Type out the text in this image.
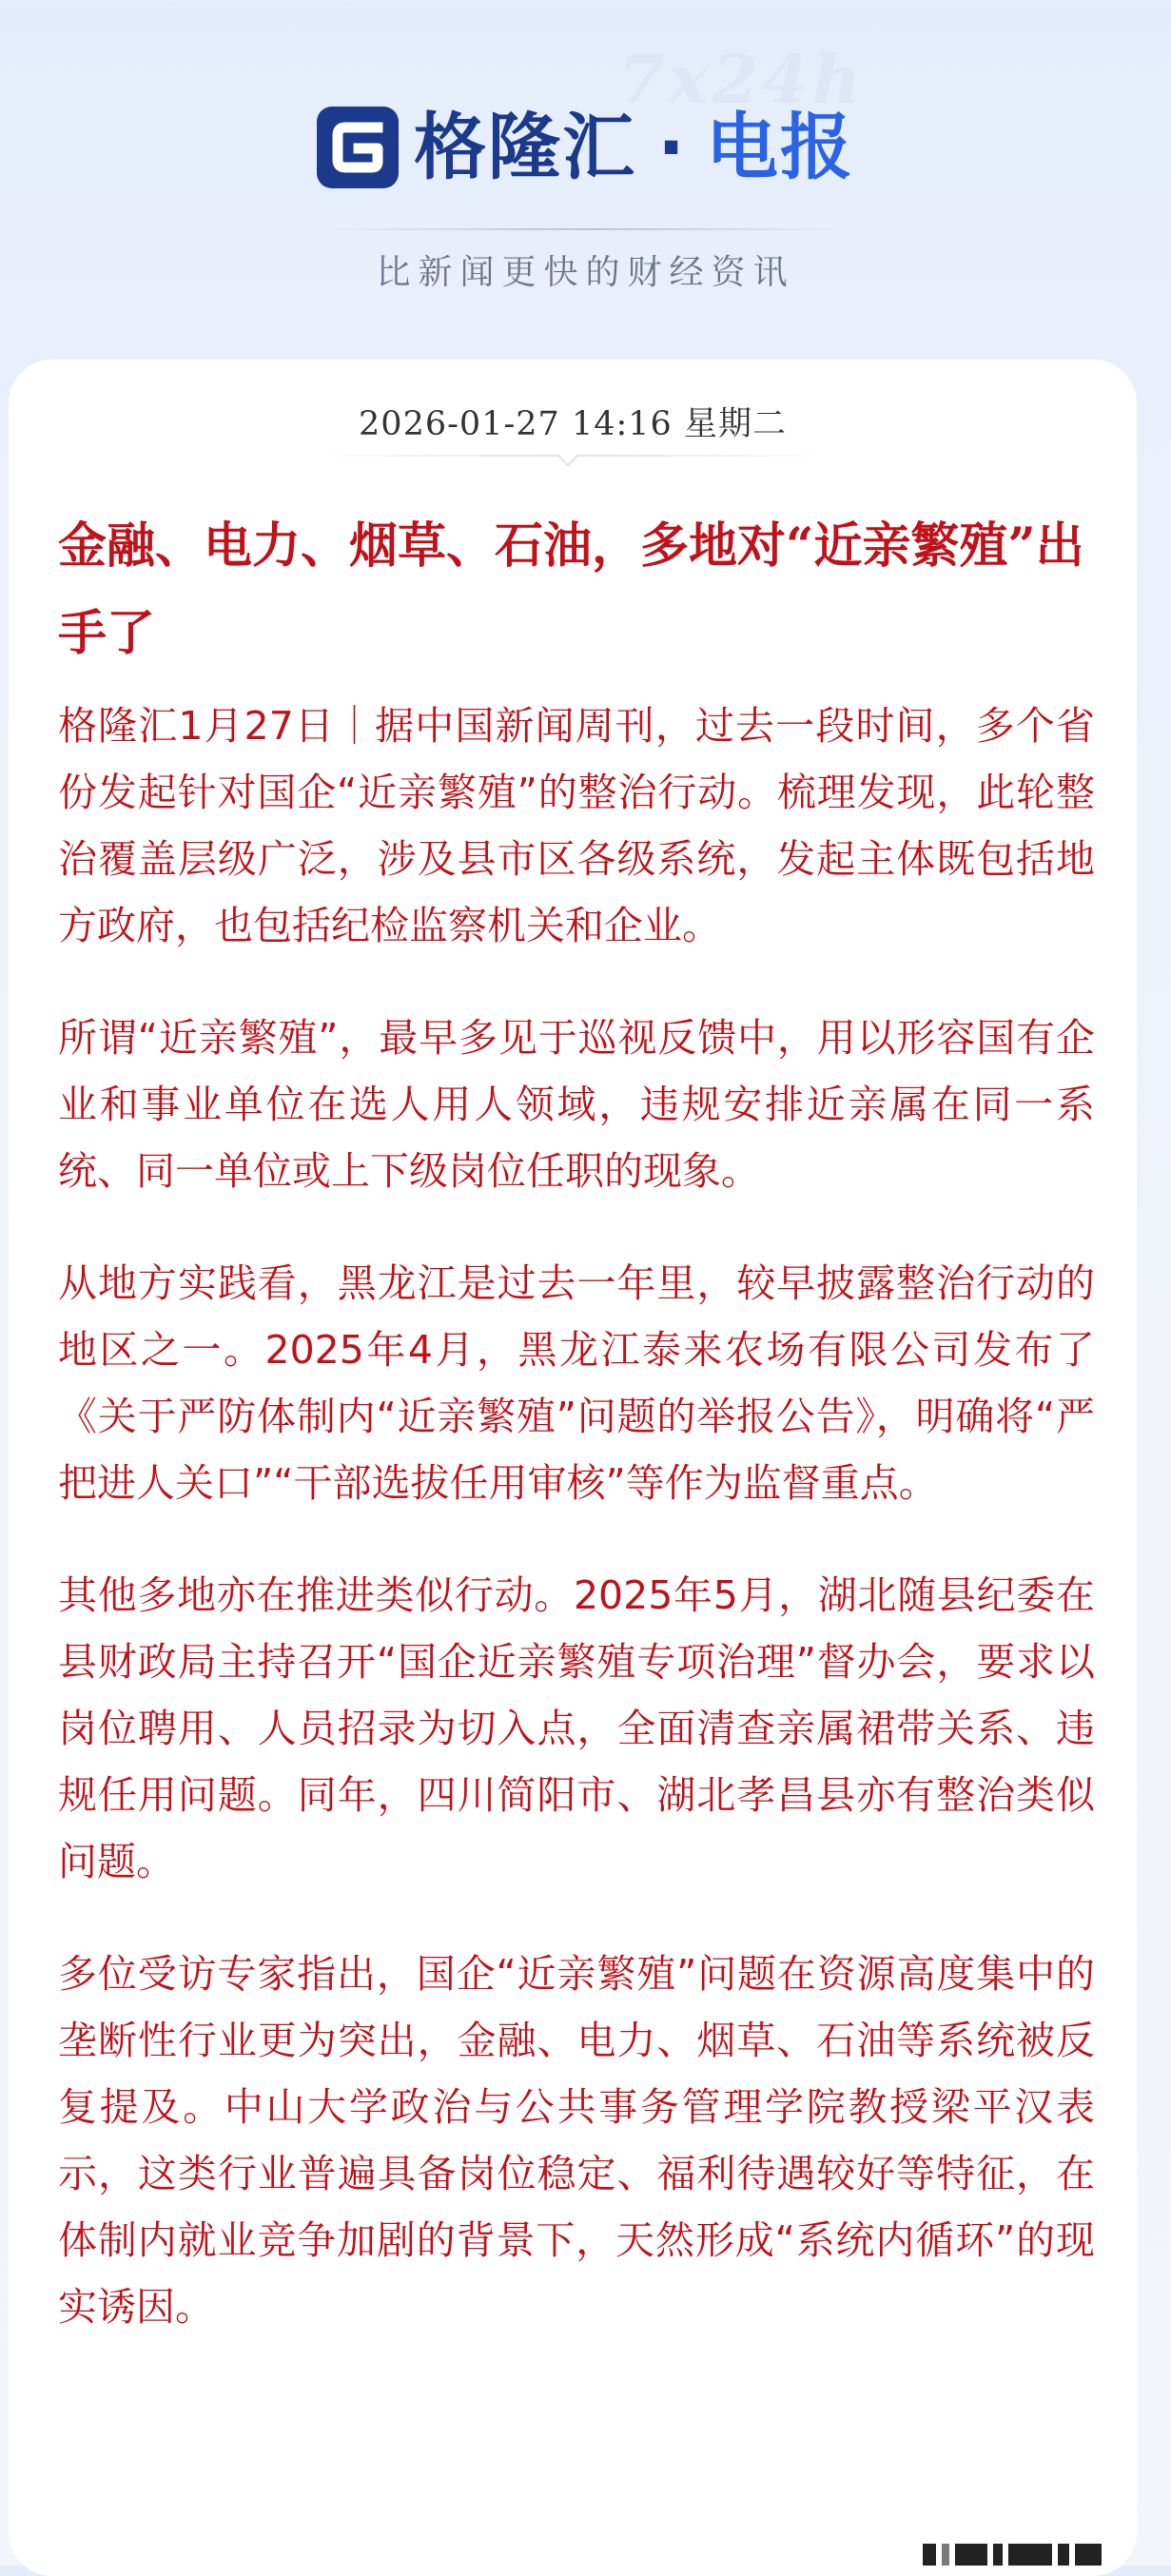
7x24h
格隆汇 · 电报
比新闻更快的财经资讯
2026-01-27 14:16 星期二
金融、电力、烟草、石油，多地对“近亲繁殖”出手了

格隆汇1月27日｜据中国新闻周刊，过去一段时间，多个省份发起针对国企“近亲繁殖”的整治行动。梳理发现，此轮整治覆盖层级广泛，涉及县市区各级系统，发起主体既包括地方政府，也包括纪检监察机关和企业。

所谓“近亲繁殖”，最早多见于巡视反馈中，用以形容国有企业和事业单位在选人用人领域，违规安排近亲属在同一系统、同一单位或上下级岗位任职的现象。

从地方实践看，黑龙江是过去一年里，较早披露整治行动的地区之一。2025年4月，黑龙江泰来农场有限公司发布了《关于严防体制内“近亲繁殖”问题的举报公告》，明确将“严把进人关口”“干部选拔任用审核”等作为监督重点。

其他多地亦在推进类似行动。2025年5月，湖北随县纪委在县财政局主持召开“国企近亲繁殖专项治理”督办会，要求以岗位聘用、人员招录为切入点，全面清查亲属裙带关系、违规任用问题。同年，四川简阳市、湖北孝昌县亦有整治类似问题。

多位受访专家指出，国企“近亲繁殖”问题在资源高度集中的垄断性行业更为突出，金融、电力、烟草、石油等系统被反复提及。中山大学政治与公共事务管理学院教授梁平汉表示，这类行业普遍具备岗位稳定、福利待遇较好等特征，在体制内就业竞争加剧的背景下，天然形成“系统内循环”的现实诱因。
